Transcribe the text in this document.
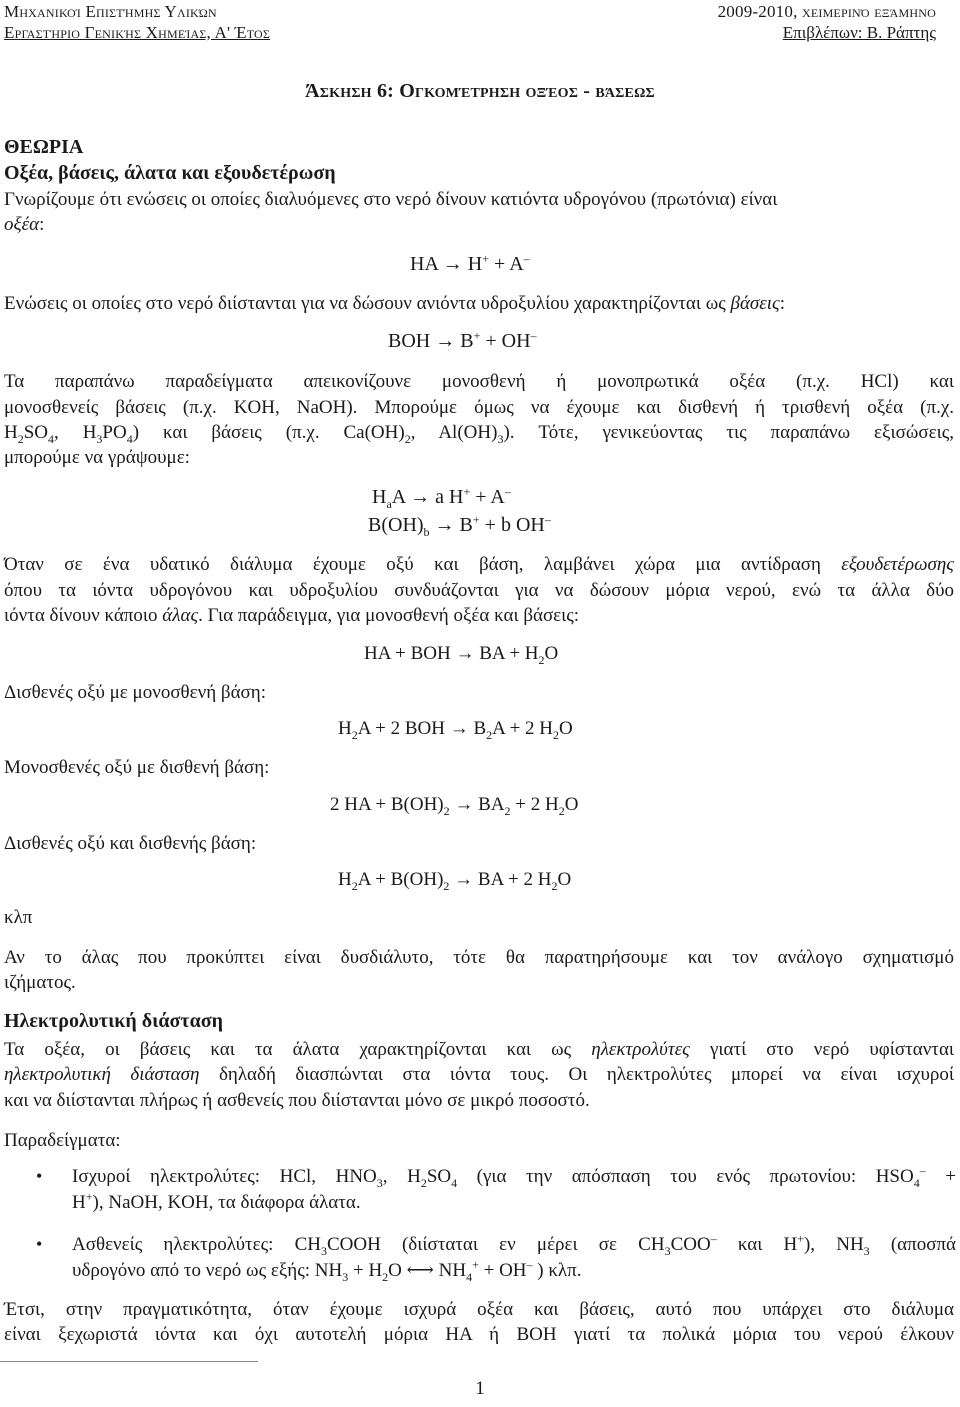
Μηχανικοί Επιστήμης Υλικών	2009-2010, χειμερινό εξάμηνο
Εργαστήριο Γενικής Χημείας, Α' Έτος	Επιβλέπων: Β. Ράπτης
Άσκηση 6: Ογκομέτρηση οξέος - βάσεως
ΘΕΩΡΙΑ
Οξέα, βάσεις, άλατα και εξουδετέρωση
Γνωρίζουμε ότι ενώσεις οι οποίες διαλυόμενες στο νερό δίνουν κατιόντα υδρογόνου (πρωτόνια) είναι
οξέα:
HA → H+ + A–
Ενώσεις οι οποίες στο νερό διίστανται για να δώσουν ανιόντα υδροξυλίου χαρακτηρίζονται ως βάσεις:
BOH → B+ + OH–
Τα παραπάνω παραδείγματα απεικονίζουνε μονοσθενή ή μονοπρωτικά οξέα (π.χ. HCl) και
μονοσθενείς βάσεις (π.χ. KOH, NaOH). Μπορούμε όμως να έχουμε και δισθενή ή τρισθενή οξέα (π.χ.
$H_2SO_4$, $H_3PO_4$) και βάσεις (π.χ. $Ca(OH)_2$, $Al(OH)_3$). Τότε, γενικεύοντας τις παραπάνω εξισώσεις,
μπορούμε να γράψουμε:
$H_aA \to a$ H+ + A–
$B(OH)_b \to B^+ + b$ OH–
Όταν σε ένα υδατικό διάλυμα έχουμε οξύ και βάση, λαμβάνει χώρα μια αντίδραση εξουδετέρωσης
όπου τα ιόντα υδρογόνου και υδροξυλίου συνδυάζονται για να δώσουν μόρια νερού, ενώ τα άλλα δύο
ιόντα δίνουν κάποιο άλας. Για παράδειγμα, για μονοσθενή οξέα και βάσεις:
HA + BOH → BA + $H_2O$
Δισθενές οξύ με μονοσθενή βάση:
$H_2A + 2$ BOH → $B_2A + 2$ $H_2O$
Μονοσθενές οξύ με δισθενή βάση:
2 HA + $B(OH)_2 \to BA_2 + 2$ $H_2O$
Δισθενές οξύ και δισθενής βάση:
$H_2A + B(OH)_2$ → BA + 2 $H_2O$
κλπ
Αν το άλας που προκύπτει είναι δυσδιάλυτο, τότε θα παρατηρήσουμε και τον ανάλογο σχηματισμό
ιζήματος.
Ηλεκτρολυτική διάσταση
Τα οξέα, οι βάσεις και τα άλατα χαρακτηρίζονται και ως ηλεκτρολύτες γιατί στο νερό υφίστανται
ηλεκτρολυτική διάσταση δηλαδή διασπώνται στα ιόντα τους. Οι ηλεκτρολύτες μπορεί να είναι ισχυροί
και να διίστανται πλήρως ή ασθενείς που διίστανται μόνο σε μικρό ποσοστό.
Παραδείγματα:
• Ισχυροί ηλεκτρολύτες: HCl, $HNO_3$, $H_2SO_4$ (για την απόσπαση του ενός πρωτονίου: $HSO_4^-$ +
H+), NaOH, KOH, τα διάφορα άλατα.
• Ασθενείς ηλεκτρολύτες: $CH_3COOH$ (διίσταται εν μέρει σε $CH_3COO^-$ και H+), $NH_3$ (αποσπά
υδρογόνο από το νερό ως εξής: $NH_3 + H_2O$ ⟷ $NH_4^+ + OH^-$ ) κλπ.
Έτσι, στην πραγματικότητα, όταν έχουμε ισχυρά οξέα και βάσεις, αυτό που υπάρχει στο διάλυμα
είναι ξεχωριστά ιόντα και όχι αυτοτελή μόρια HA ή BOH γιατί τα πολικά μόρια του νερού έλκουν
1
